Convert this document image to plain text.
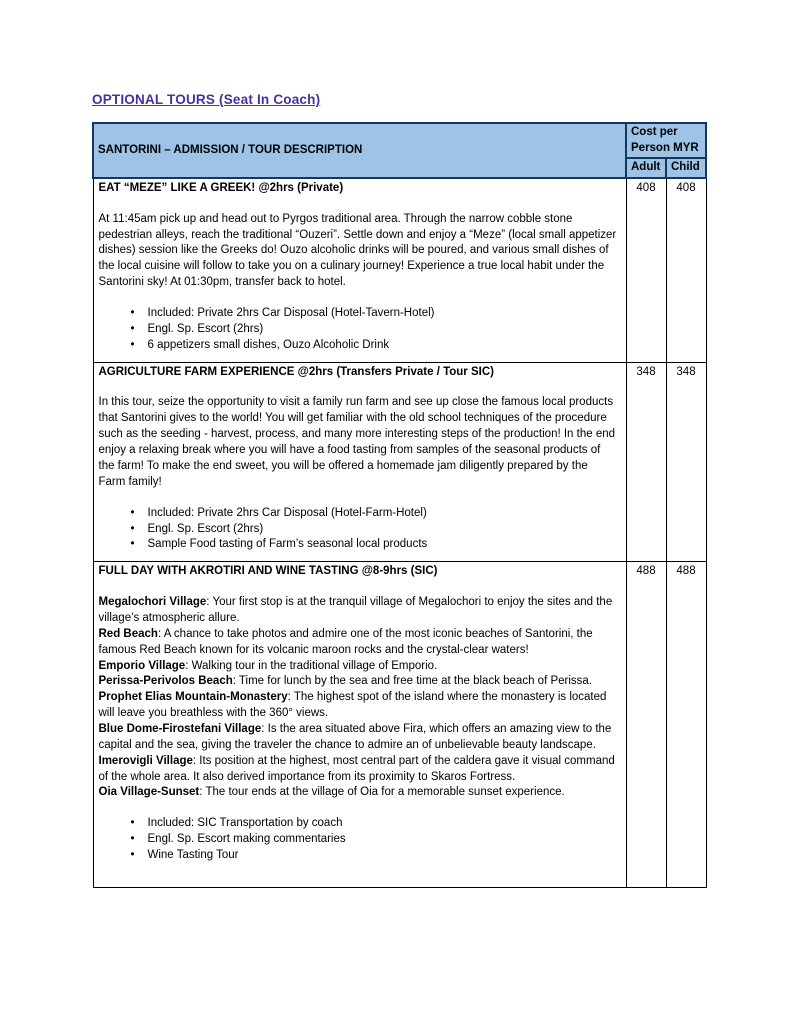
OPTIONAL TOURS (Seat In Coach)
SANTORINI – ADMISSION / TOUR DESCRIPTION	Cost per Person MYR	
	Adult	Child

EAT “MEZE” LIKE A GREEK! @2hrs (Private)

At 11:45am pick up and head out to Pyrgos traditional area. Through the narrow cobble stone pedestrian alleys, reach the traditional “Ouzeri”. Settle down and enjoy a “Meze” (local small appetizer dishes) session like the Greeks do! Ouzo alcoholic drinks will be poured, and various small dishes of the local cuisine will follow to take you on a culinary journey! Experience a true local habit under the Santorini sky! At 01:30pm, transfer back to hotel.

• Included: Private 2hrs Car Disposal (Hotel-Tavern-Hotel)
• Engl. Sp. Escort (2hrs)
• 6 appetizers small dishes, Ouzo Alcoholic Drink
	408	408

AGRICULTURE FARM EXPERIENCE @2hrs (Transfers Private / Tour SIC)

In this tour, seize the opportunity to visit a family run farm and see up close the famous local products that Santorini gives to the world! You will get familiar with the old school techniques of the procedure such as the seeding - harvest, process, and many more interesting steps of the production! In the end enjoy a relaxing break where you will have a food tasting from samples of the seasonal products of the farm! To make the end sweet, you will be offered a homemade jam diligently prepared by the Farm family!

• Included: Private 2hrs Car Disposal (Hotel-Farm-Hotel)
• Engl. Sp. Escort (2hrs)
• Sample Food tasting of Farm’s seasonal local products
	348	348

FULL DAY WITH AKROTIRI AND WINE TASTING @8-9hrs (SIC)

Megalochori Village: Your first stop is at the tranquil village of Megalochori to enjoy the sites and the village’s atmospheric allure.

Red Beach: A chance to take photos and admire one of the most iconic beaches of Santorini, the famous Red Beach known for its volcanic maroon rocks and the crystal-clear waters!

Emporio Village: Walking tour in the traditional village of Emporio.

Perissa-Perivolos Beach: Time for lunch by the sea and free time at the black beach of Perissa.

Prophet Elias Mountain-Monastery: The highest spot of the island where the monastery is located will leave you breathless with the 360° views.

Blue Dome-Firostefani Village: Is the area situated above Fira, which offers an amazing view to the capital and the sea, giving the traveler the chance to admire an of unbelievable beauty landscape.

Imerovigli Village: Its position at the highest, most central part of the caldera gave it visual command of the whole area. It also derived importance from its proximity to Skaros Fortress.

Oia Village-Sunset: The tour ends at the village of Oia for a memorable sunset experience.

• Included: SIC Transportation by coach
• Engl. Sp. Escort making commentaries
• Wine Tasting Tour
	488	488
